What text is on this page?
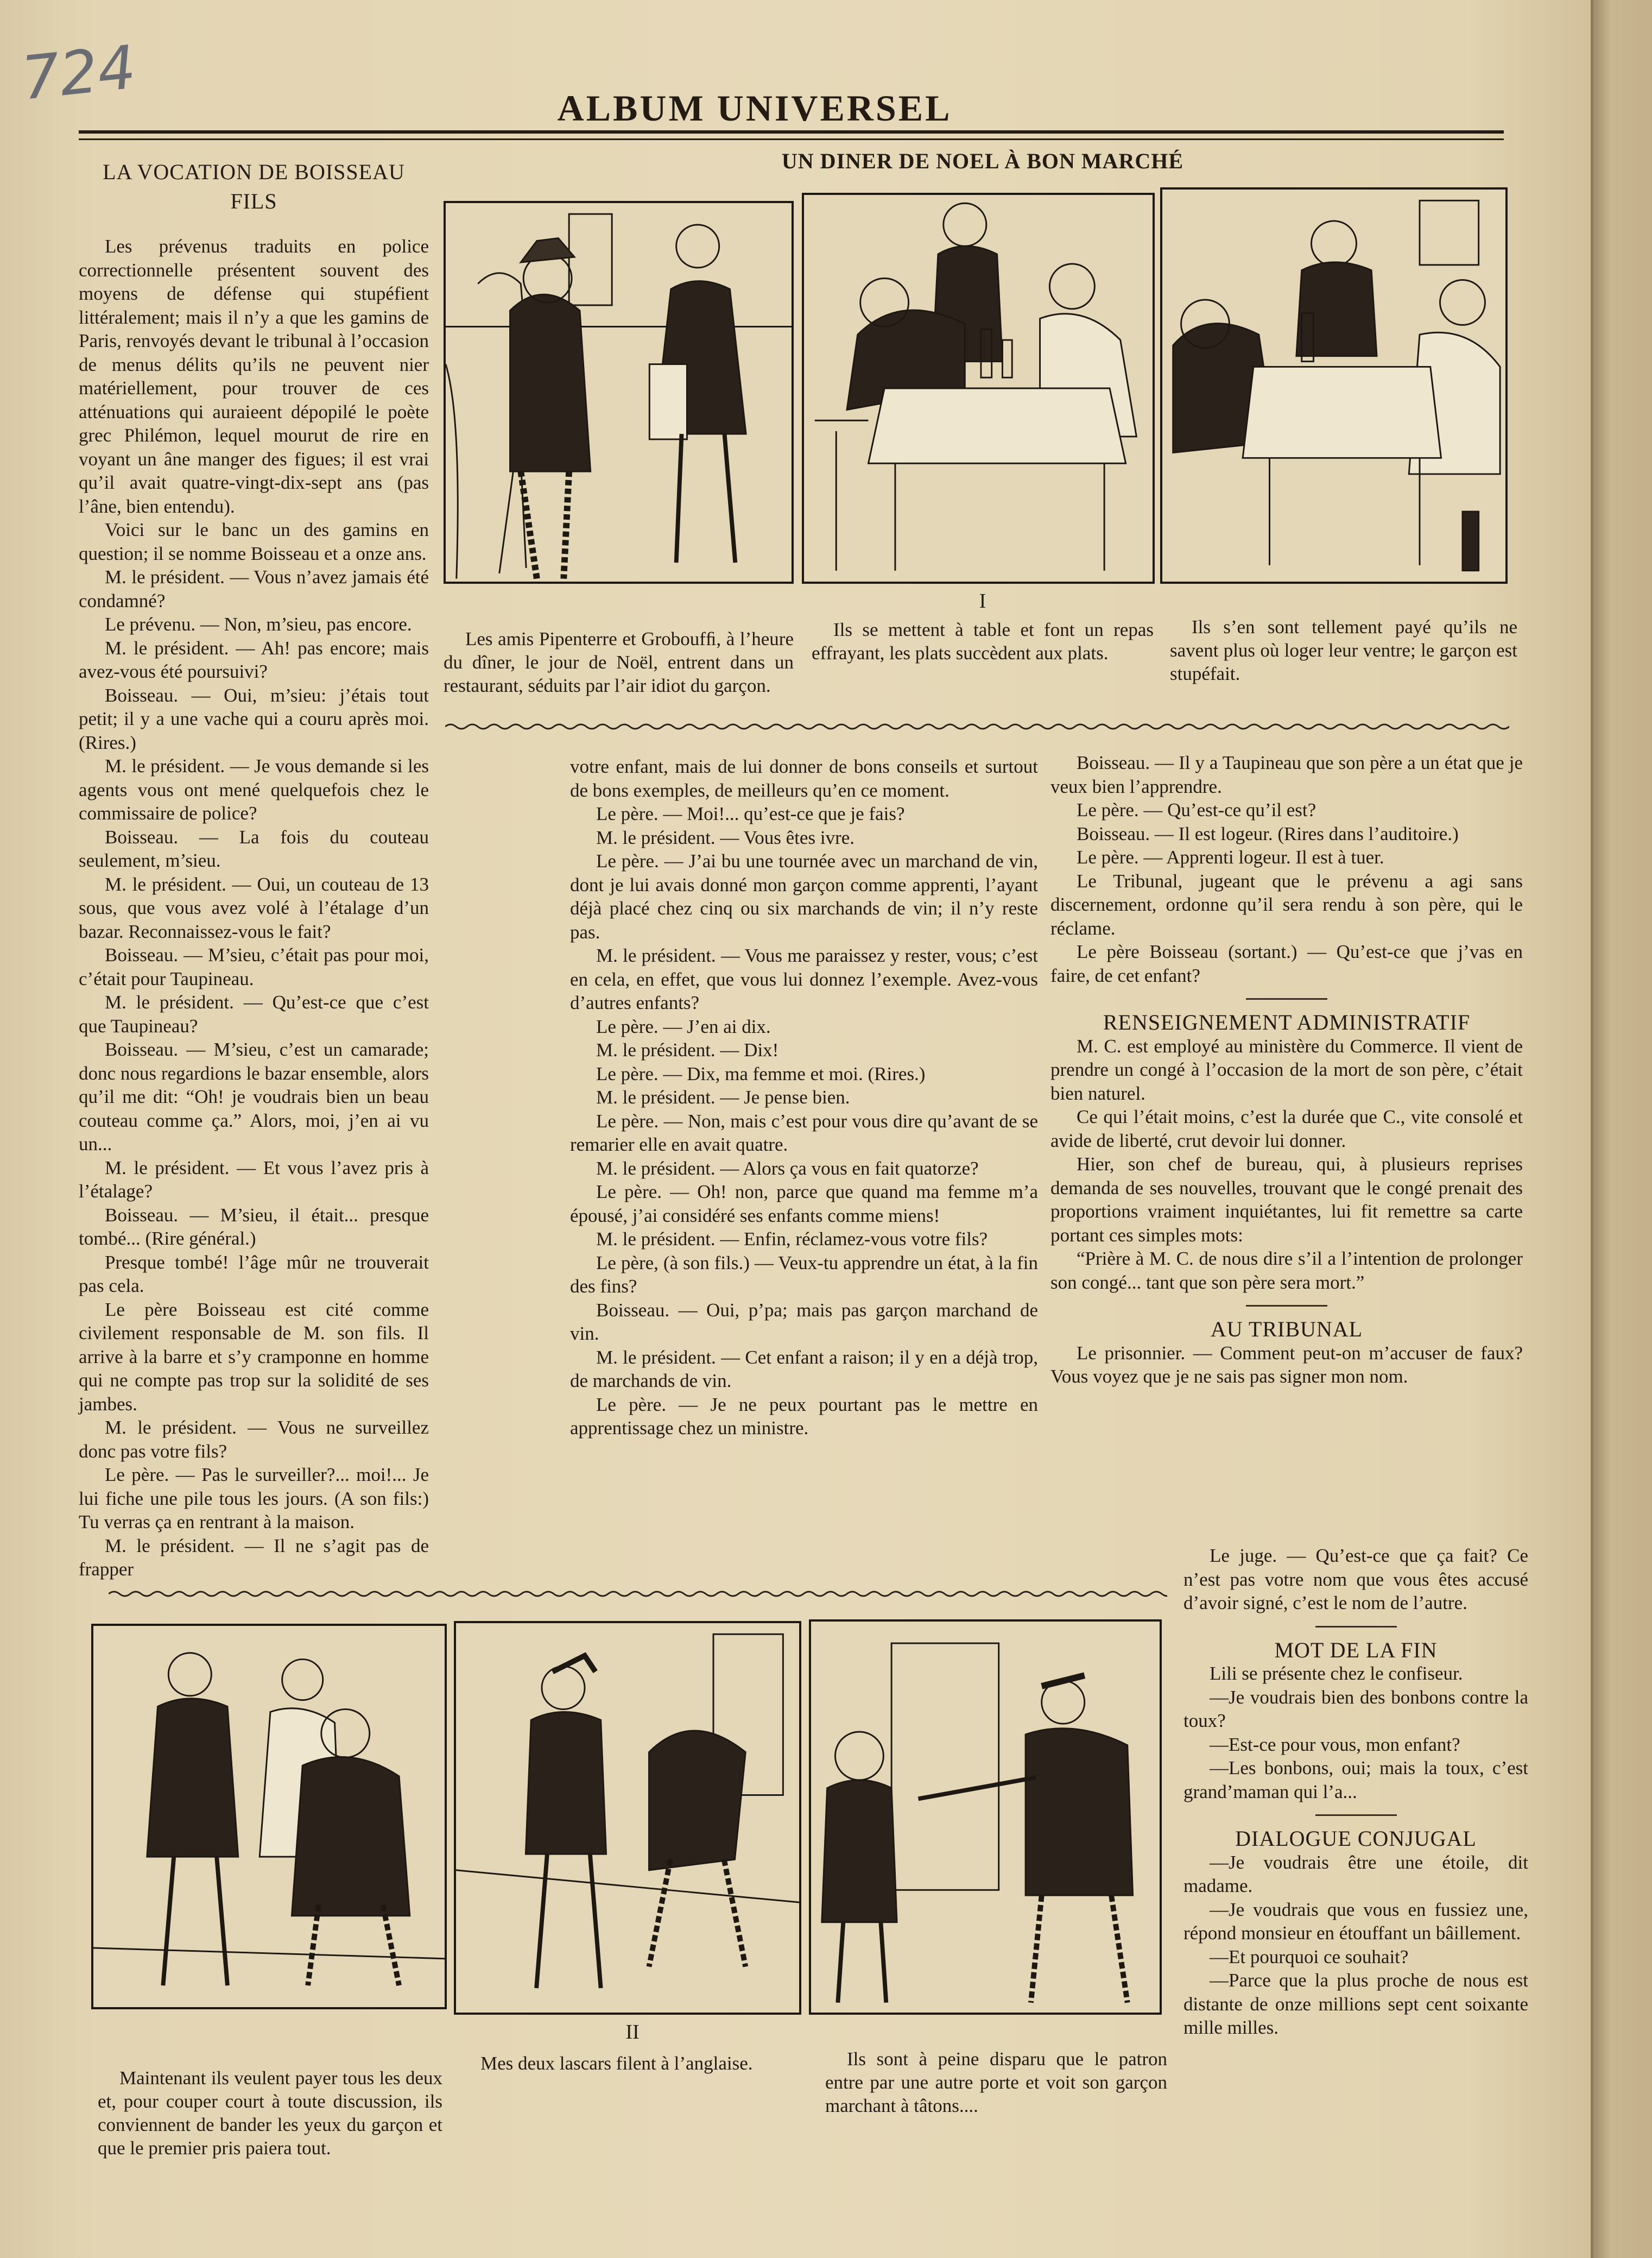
724	ALBUM UNIVERSEL
LA VOCATION DE BOISSEAU
FILS
UN DINER DE NOEL À BON MARCHÉ
I
Les amis Pipenterre et Groboufﬁ, à l’heure du dîner, le jour de Noël, entrent dans un restaurant, séduits par l’air idiot du garçon.
Ils se mettent à table et font un repas effrayant, les plats succèdent aux plats.
Ils s’en sont tellement payé qu’ils ne savent plus où loger leur ventre; le garçon est stupéfait.

Les prévenus traduits en police correctionnelle présentent souvent des moyens de défense qui stupéfient littéralement; mais il n’y a que les gamins de Paris, renvoyés devant le tribunal à l’occasion de menus délits qu’ils ne peuvent nier matériellement, pour trouver de ces atténuations qui auraieent dépopilé le poète grec Philémon, lequel mourut de rire en voyant un âne manger des figues; il est vrai qu’il avait quatre-vingt-dix-sept ans (pas l’âne, bien entendu).

Voici sur le banc un des gamins en question; il se nomme Boisseau et a onze ans.

M. le président. — Vous n’avez jamais été condamné?

Le prévenu. — Non, m’sieu, pas encore.

M. le président. — Ah! pas encore; mais avez-vous été poursuivi?

Boisseau. — Oui, m’sieu: j’étais tout petit; il y a une vache qui a couru après moi. (Rires.)

M. le président. — Je vous demande si les agents vous ont mené quelquefois chez le commissaire de police?

Boisseau. — La fois du couteau seulement, m’sieu.

M. le président. — Oui, un couteau de 13 sous, que vous avez volé à l’étalage d’un bazar. Reconnaissez-vous le fait?

Boisseau. — M’sieu, c’était pas pour moi, c’était pour Taupineau.

M. le président. — Qu’est-ce que c’est que Taupineau?

Boisseau. — M’sieu, c’est un camarade; donc nous regardions le bazar ensemble, alors qu’il me dit: “Oh! je voudrais bien un beau couteau comme ça.” Alors, moi, j’en ai vu un...

M. le président. — Et vous l’avez pris à l’étalage?

Boisseau. — M’sieu, il était... presque tombé... (Rire général.)

Presque tombé! l’âge mûr ne trouverait pas cela.

Le père Boisseau est cité comme civilement responsable de M. son fils. Il arrive à la barre et s’y cramponne en homme qui ne compte pas trop sur la solidité de ses jambes.

M. le président. — Vous ne surveillez donc pas votre fils?

Le père. — Pas le surveiller?... moi!... Je lui fiche une pile tous les jours. (A son fils:) Tu verras ça en rentrant à la maison.

M. le président. — Il ne s’agit pas de frapper

votre enfant, mais de lui donner de bons conseils et surtout de bons exemples, de meilleurs qu’en ce moment.

Le père. — Moi!... qu’est-ce que je fais?

M. le président. — Vous êtes ivre.

Le père. — J’ai bu une tournée avec un marchand de vin, dont je lui avais donné mon garçon comme apprenti, l’ayant déjà placé chez cinq ou six marchands de vin; il n’y reste pas.

M. le président. — Vous me paraissez y rester, vous; c’est en cela, en effet, que vous lui donnez l’exemple. Avez-vous d’autres enfants?

Le père. — J’en ai dix.

M. le président. — Dix!

Le père. — Dix, ma femme et moi. (Rires.)

M. le président. — Je pense bien.

Le père. — Non, mais c’est pour vous dire qu’avant de se remarier elle en avait quatre.

M. le président. — Alors ça vous en fait quatorze?

Le père. — Oh! non, parce que quand ma femme m’a épousé, j’ai considéré ses enfants comme miens!

M. le président. — Enfin, réclamez-vous votre fils?

Le père, (à son fils.) — Veux-tu apprendre un état, à la fin des fins?

Boisseau. — Oui, p’pa; mais pas garçon marchand de vin.

M. le président. — Cet enfant a raison; il y en a déjà trop, de marchands de vin.

Le père. — Je ne peux pourtant pas le mettre en apprentissage chez un ministre.

Boisseau. — Il y a Taupineau que son père a un état que je veux bien l’apprendre.

Le père. — Qu’est-ce qu’il est?

Boisseau. — Il est logeur. (Rires dans l’auditoire.)

Le père. — Apprenti logeur. Il est à tuer.

Le Tribunal, jugeant que le prévenu a agi sans discernement, ordonne qu’il sera rendu à son père, qui le réclame.

Le père Boisseau (sortant.) — Qu’est-ce que j’vas en faire, de cet enfant?

RENSEIGNEMENT ADMINISTRATIF

M. C. est employé au ministère du Commerce. Il vient de prendre un congé à l’occasion de la mort de son père, c’était bien naturel.

Ce qui l’était moins, c’est la durée que C., vite consolé et avide de liberté, crut devoir lui donner.

Hier, son chef de bureau, qui, à plusieurs reprises demanda de ses nouvelles, trouvant que le congé prenait des proportions vraiment inquiétantes, lui fit remettre sa carte portant ces simples mots:

“Prière à M. C. de nous dire s’il a l’intention de prolonger son congé... tant que son père sera mort.”

AU TRIBUNAL

Le prisonnier. — Comment peut-on m’accuser de faux? Vous voyez que je ne sais pas signer mon nom.

Le juge. — Qu’est-ce que ça fait? Ce n’est pas votre nom que vous êtes accusé d’avoir signé, c’est le nom de l’autre.

MOT DE LA FIN

Lili se présente chez le confiseur.

—Je voudrais bien des bonbons contre la toux?

—Est-ce pour vous, mon enfant?

—Les bonbons, oui; mais la toux, c’est grand’maman qui l’a...

DIALOGUE CONJUGAL

—Je voudrais être une étoile, dit madame.

—Je voudrais que vous en fussiez une, répond monsieur en étouffant un bâillement.

—Et pourquoi ce souhait?

—Parce que la plus proche de nous est distante de onze millions sept cent soixante mille milles.

II
Maintenant ils veulent payer tous les deux et, pour couper court à toute discussion, ils conviennent de bander les yeux du garçon et que le premier pris paiera tout.
Mes deux lascars filent à l’anglaise.	Ils sont à peine disparu que le patron entre par une autre porte et voit son garçon marchant à tâtons....
